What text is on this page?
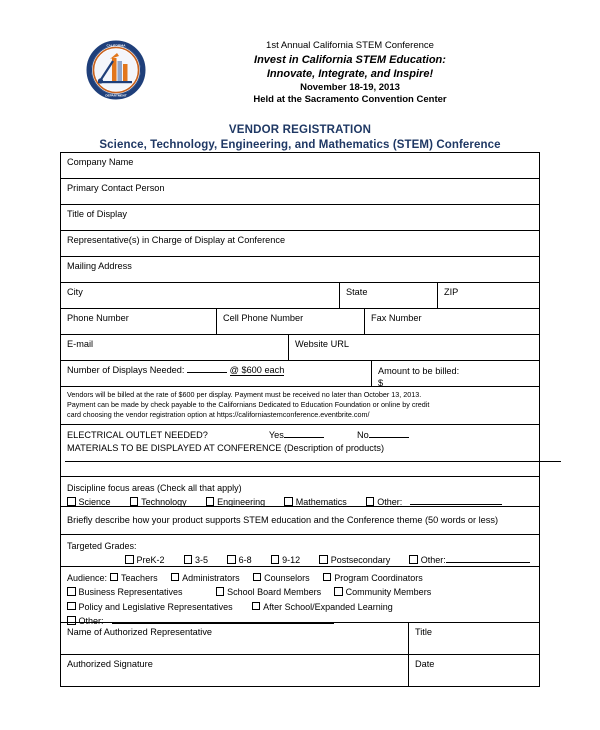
CALIFORNIA
DEPARTMENT
1st Annual California STEM Conference
Invest in California STEM Education:
Innovate, Integrate, and Inspire!
November 18-19, 2013
Held at the Sacramento Convention Center
VENDOR REGISTRATION
Science, Technology, Engineering, and Mathematics (STEM) Conference
Company Name
Primary Contact Person
Title of Display
Representative(s) in Charge of Display at Conference
Mailing Address
City	State	ZIP
Phone Number	Cell Phone Number	Fax Number
E-mail	Website URL
Number of Displays Needed:	@ $600 each	Amount to be billed:
$
Vendors will be billed at the rate of $600 per display. Payment must be received no later than October 13, 2013.
Payment can be made by check payable to the Californians Dedicated to Education Foundation or online by credit
card choosing the vendor registration option at https://californiastemconference.eventbrite.com/
ELECTRICAL OUTLET NEEDED?	Yes	No
MATERIALS TO BE DISPLAYED AT CONFERENCE (Description of products)
Discipline focus areas (Check all that apply)
Science	Technology	Engineering	Mathematics	Other:
Briefly describe how your product supports STEM education and the Conference theme (50 words or less)
Targeted Grades:
PreK-2	3-5	6-8	9-12	Postsecondary	Other:
Audience: Teachers	Administrators	Counselors	Program Coordinators
Business Representatives	School Board Members	Community Members
Policy and Legislative Representatives	After School/Expanded Learning
Other:
Name of Authorized Representative	Title
Authorized Signature	Date
